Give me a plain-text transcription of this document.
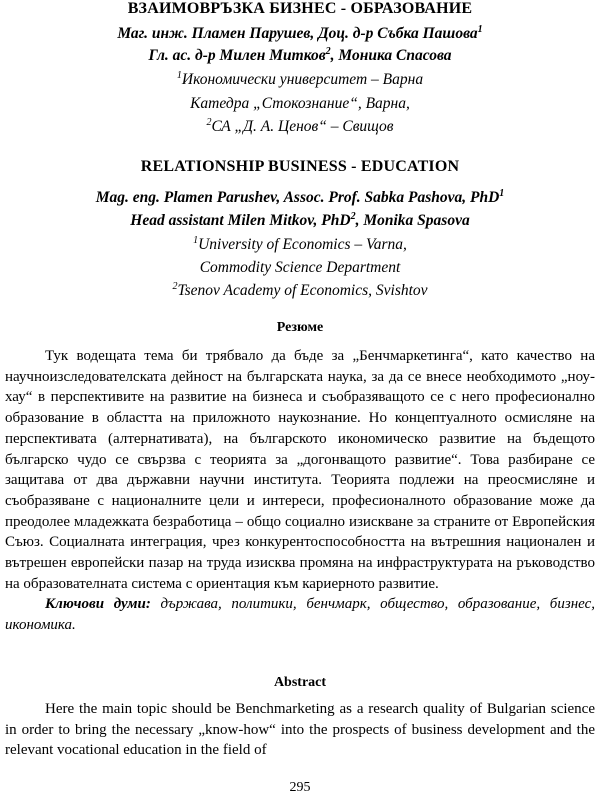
ВЗАИМОВРЪЗКА БИЗНЕС - ОБРАЗОВАНИЕ
Маг. инж. Пламен Парушев, Доц. д-р Събка Пашова$^1$
Гл. ас. д-р Милен Митков$^2$, Моника Спасова
$^1$Икономически университет – Варна
Катедра „Стокознание“, Варна,
$^2$СА „Д. А. Ценов“ – Свищов
RELATIONSHIP BUSINESS - EDUCATION
Mag. eng. Plamen Parushev, Assoc. Prof. Sabka Pashova, PhD$^1$
Head assistant Milen Mitkov, PhD$^2$, Monika Spasova
$^1$University of Economics – Varna,
Commodity Science Department
$^2$Tsenov Academy of Economics, Svishtov
Резюме

Тук водещата тема би трябвало да бъде за „Бенчмаркетинга“, като качество на научноизследователската дейност на българската наука, за да се внесе необходимото „ноу-хау“ в перспективите на развитие на бизнеса и съобразяващото се с него професионално образование в областта на приложното наукознание. Но концептуалното осмисляне на перспективата (алтернативата), на българското икономическо развитие на бъдещото българско чудо се свързва с теорията за „догонващото развитие“. Това разбиране се защитава от два държавни научни института. Теорията подлежи на преосмисляне и съобразяване с националните цели и интереси, професионалното образование може да преодолее младежката безработица – общо социално изискване за страните от Европейския Съюз. Социалната интеграция, чрез конкурентоспособността на вътрешния национален и вътрешен европейски пазар на труда изисква промяна на инфраструктурата на ръководство на образователната система с ориентация към кариерното развитие.

Ключови думи: държава, политики, бенчмарк, общество, образование, бизнес, икономика.

Abstract

Here the main topic should be Benchmarketing as a research quality of Bulgarian science in order to bring the necessary „know-how“ into the prospects of business development and the relevant vocational education in the field of

295
